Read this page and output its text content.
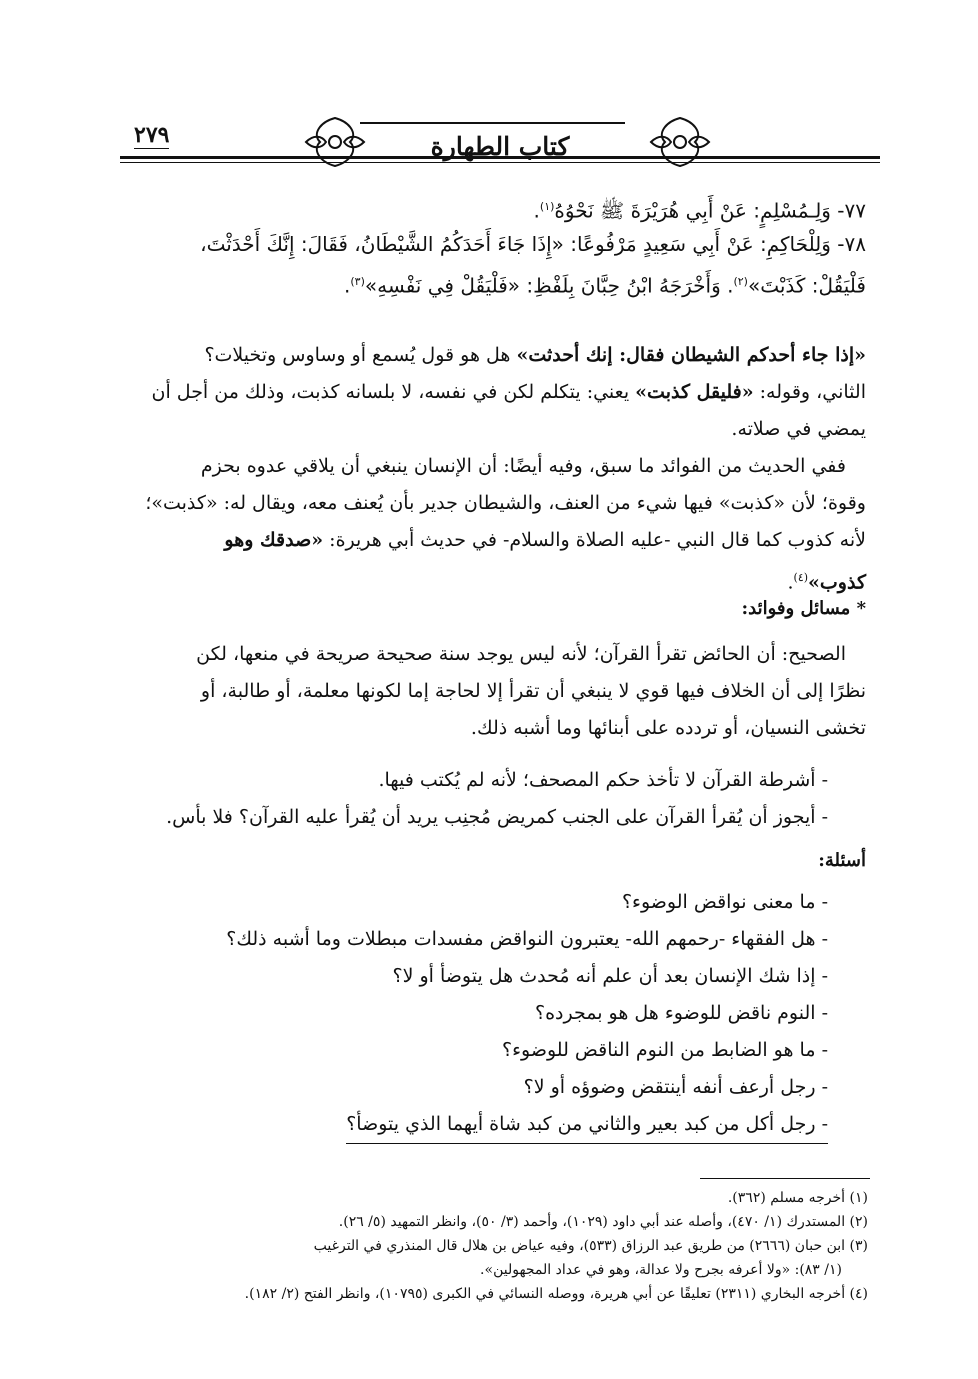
٢٧٩	كتاب الطهارة
٧٧- وَلِـمُسْلِمٍ: عَنْ أَبِي هُرَيْرَةَ ﷺ نَحْوُهُ$^{(١)}$.
٧٨- وَلِلْحَاكِمِ: عَنْ أَبِي سَعِيدٍ مَرْفُوعًا: «إِذَا جَاءَ أَحَدَكُمُ الشَّيْطَانُ، فَقَالَ: إِنَّكَ أَحْدَثْتَ،
فَلْيَقُلْ: كَذَبْتَ»$^{(٢)}$. وَأَخْرَجَهُ ابْنُ حِبَّانَ بِلَفْظِ: «فَلْيَقُلْ فِي نَفْسِهِ»$^{(٣)}$.
«إذا جاء أحدكم الشيطان فقال: إنك أحدثت» هل هو قول يُسمع أو وساوس وتخيلات؟
الثاني، وقوله: «فليقل كذبت» يعني: يتكلم لكن في نفسه، لا بلسانه كذبت، وذلك من أجل أن
يمضي في صلاته.
ففي الحديث من الفوائد ما سبق، وفيه أيضًا: أن الإنسان ينبغي أن يلاقي عدوه بحزم
وقوة؛ لأن «كذبت» فيها شيء من العنف، والشيطان جدير بأن يُعنف معه، ويقال له: «كذبت»؛
لأنه كذوب كما قال النبي -عليه الصلاة والسلام- في حديث أبي هريرة: «صدقك وهو
كذوب»$^{(٤)}$.
* مسائل وفوائد:
الصحيح: أن الحائض تقرأ القرآن؛ لأنه ليس يوجد سنة صحيحة صريحة في منعها، لكن
نظرًا إلى أن الخلاف فيها قوي لا ينبغي أن تقرأ إلا لحاجة إما لكونها معلمة، أو طالبة، أو
تخشى النسيان، أو تردده على أبنائها وما أشبه ذلك.
- أشرطة القرآن لا تأخذ حكم المصحف؛ لأنه لم يُكتب فيها.
- أيجوز أن يُقرأ القرآن على الجنب كمريض مُجنِب يريد أن يُقرأ عليه القرآن؟ فلا بأس.
أسئلة:
- ما معنى نواقض الوضوء؟
- هل الفقهاء -رحمهم الله- يعتبرون النواقض مفسدات مبطلات وما أشبه ذلك؟
- إذا شك الإنسان بعد أن علم أنه مُحدث هل يتوضأ أو لا؟
- النوم ناقض للوضوء هل هو بمجرده؟
- ما هو الضابط من النوم الناقض للوضوء؟
- رجل أرعف أنفه أينتقض وضوؤه أو لا؟
- رجل أكل من كبد بعير والثاني من كبد شاة أيهما الذي يتوضأ؟
(١) أخرجه مسلم (٣٦٢).
(٢) المستدرك (١/ ٤٧٠)، وأصله عند أبي داود (١٠٢٩)، وأحمد (٣/ ٥٠)، وانظر التمهيد (٥/ ٢٦).
(٣) ابن حبان (٢٦٦٦) من طريق عبد الرزاق (٥٣٣)، وفيه عياض بن هلال قال المنذري في الترغيب
(١/ ٨٣): «ولا أعرفه بجرح ولا عدالة، وهو في عداد المجهولين».
(٤) أخرجه البخاري (٢٣١١) تعليقًا عن أبي هريرة، ووصله النسائي في الكبرى (١٠٧٩٥)، وانظر الفتح (٢/ ١٨٢).
